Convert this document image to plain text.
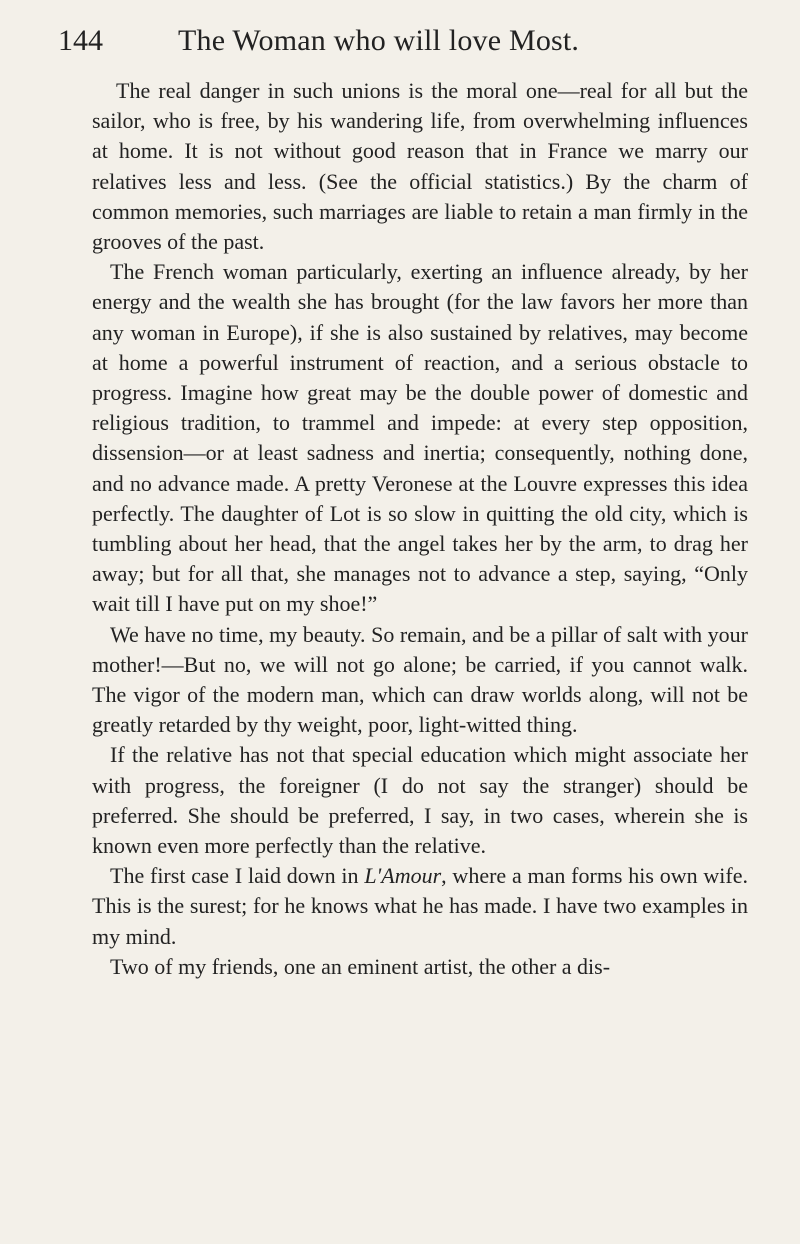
144	The Woman who will love Most.

The real danger in such unions is the moral one—real for all but the sailor, who is free, by his wandering life, from overwhelming influences at home. It is not without good reason that in France we marry our relatives less and less. (See the official statistics.) By the charm of common memories, such marriages are liable to retain a man firmly in the grooves of the past.

The French woman particularly, exerting an influence already, by her energy and the wealth she has brought (for the law favors her more than any woman in Europe), if she is also sustained by relatives, may become at home a powerful instrument of reaction, and a serious obstacle to progress. Imagine how great may be the double power of domestic and religious tradition, to trammel and impede: at every step opposition, dissension—or at least sadness and inertia; consequently, nothing done, and no advance made. A pretty Veronese at the Louvre expresses this idea perfectly. The daughter of Lot is so slow in quitting the old city, which is tumbling about her head, that the angel takes her by the arm, to drag her away; but for all that, she manages not to advance a step, saying, “Only wait till I have put on my shoe!”

We have no time, my beauty. So remain, and be a pillar of salt with your mother!—But no, we will not go alone; be carried, if you cannot walk. The vigor of the modern man, which can draw worlds along, will not be greatly retarded by thy weight, poor, light-witted thing.

If the relative has not that special education which might associate her with progress, the foreigner (I do not say the stranger) should be preferred. She should be preferred, I say, in two cases, wherein she is known even more perfectly than the relative.

The first case I laid down in L'Amour, where a man forms his own wife. This is the surest; for he knows what he has made. I have two examples in my mind.

Two of my friends, one an eminent artist, the other a dis-
